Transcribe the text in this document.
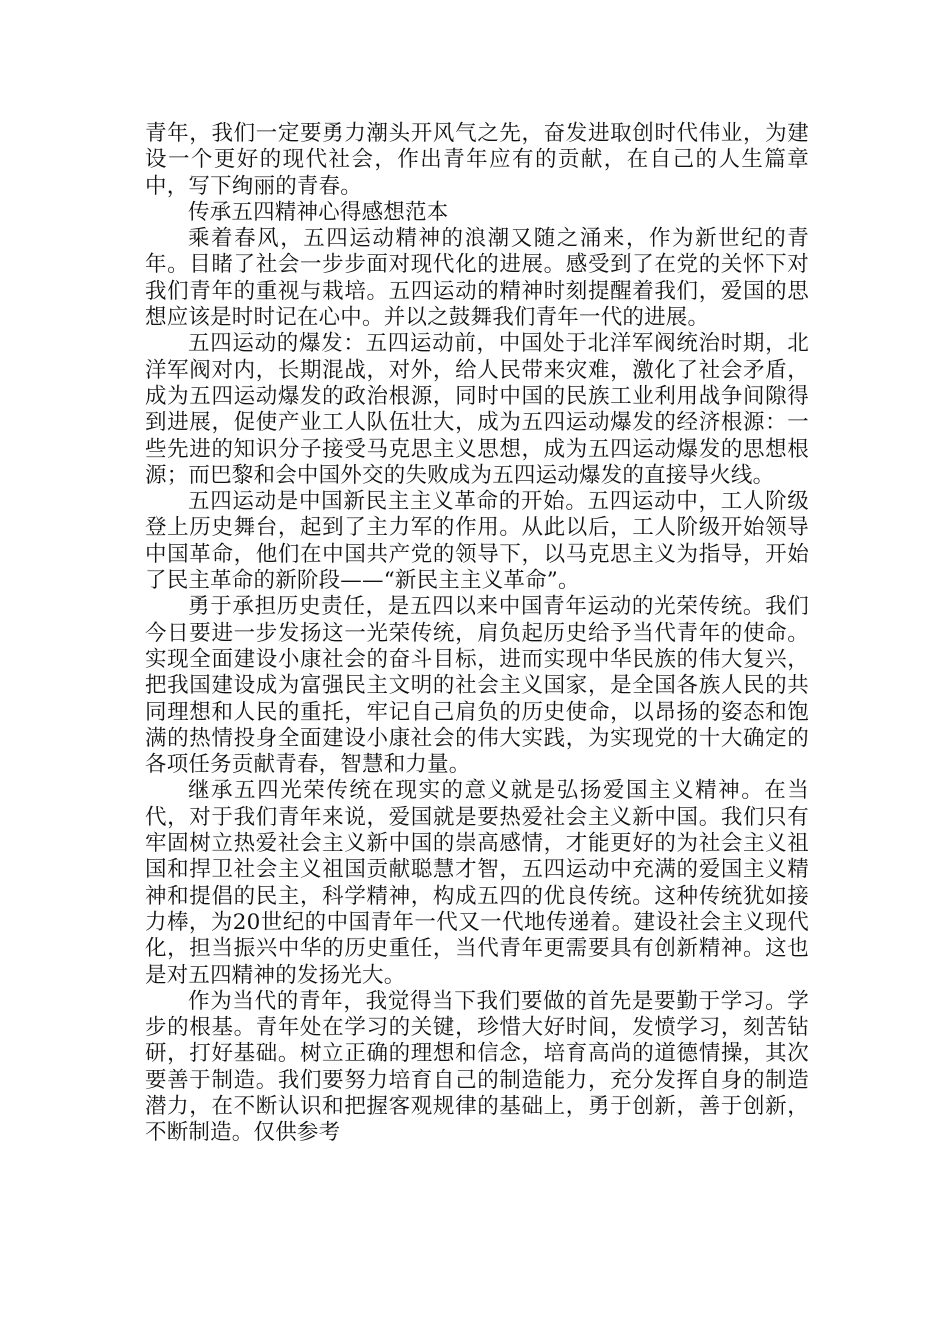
青年，我们一定要勇力潮头开风气之先，奋发进取创时代伟业，为建设一个更好的现代社会，作出青年应有的贡献，在自己的人生篇章中，写下绚丽的青春。

传承五四精神心得感想范本

乘着春风，五四运动精神的浪潮又随之涌来，作为新世纪的青年。目睹了社会一步步面对现代化的进展。感受到了在党的关怀下对我们青年的重视与栽培。五四运动的精神时刻提醒着我们，爱国的思想应该是时时记在心中。并以之鼓舞我们青年一代的进展。

五四运动的爆发：五四运动前，中国处于北洋军阀统治时期，北洋军阀对内，长期混战，对外，给人民带来灾难，激化了社会矛盾，成为五四运动爆发的政治根源，同时中国的民族工业利用战争间隙得到进展，促使产业工人队伍壮大，成为五四运动爆发的经济根源：一些先进的知识分子接受马克思主义思想，成为五四运动爆发的思想根源；而巴黎和会中国外交的失败成为五四运动爆发的直接导火线。

五四运动是中国新民主主义革命的开始。五四运动中，工人阶级登上历史舞台，起到了主力军的作用。从此以后，工人阶级开始领导中国革命，他们在中国共产党的领导下，以马克思主义为指导，开始了民主革命的新阶段——“新民主主义革命”。

勇于承担历史责任，是五四以来中国青年运动的光荣传统。我们今日要进一步发扬这一光荣传统，肩负起历史给予当代青年的使命。实现全面建设小康社会的奋斗目标，进而实现中华民族的伟大复兴，把我国建设成为富强民主文明的社会主义国家，是全国各族人民的共同理想和人民的重托，牢记自己肩负的历史使命，以昂扬的姿态和饱满的热情投身全面建设小康社会的伟大实践，为实现党的十大确定的各项任务贡献青春，智慧和力量。

继承五四光荣传统在现实的意义就是弘扬爱国主义精神。在当代，对于我们青年来说，爱国就是要热爱社会主义新中国。我们只有牢固树立热爱社会主义新中国的崇高感情，才能更好的为社会主义祖国和捍卫社会主义祖国贡献聪慧才智，五四运动中充满的爱国主义精神和提倡的民主，科学精神，构成五四的优良传统。这种传统犹如接力棒，为20世纪的中国青年一代又一代地传递着。建设社会主义现代化，担当振兴中华的历史重任，当代青年更需要具有创新精神。这也是对五四精神的发扬光大。

作为当代的青年，我觉得当下我们要做的首先是要勤于学习。学步的根基。青年处在学习的关键，珍惜大好时间，发愤学习，刻苦钻研，打好基础。树立正确的理想和信念，培育高尚的道德情操，其次要善于制造。我们要努力培育自己的制造能力，充分发挥自身的制造潜力，在不断认识和把握客观规律的基础上，勇于创新，善于创新，不断制造。仅供参考
